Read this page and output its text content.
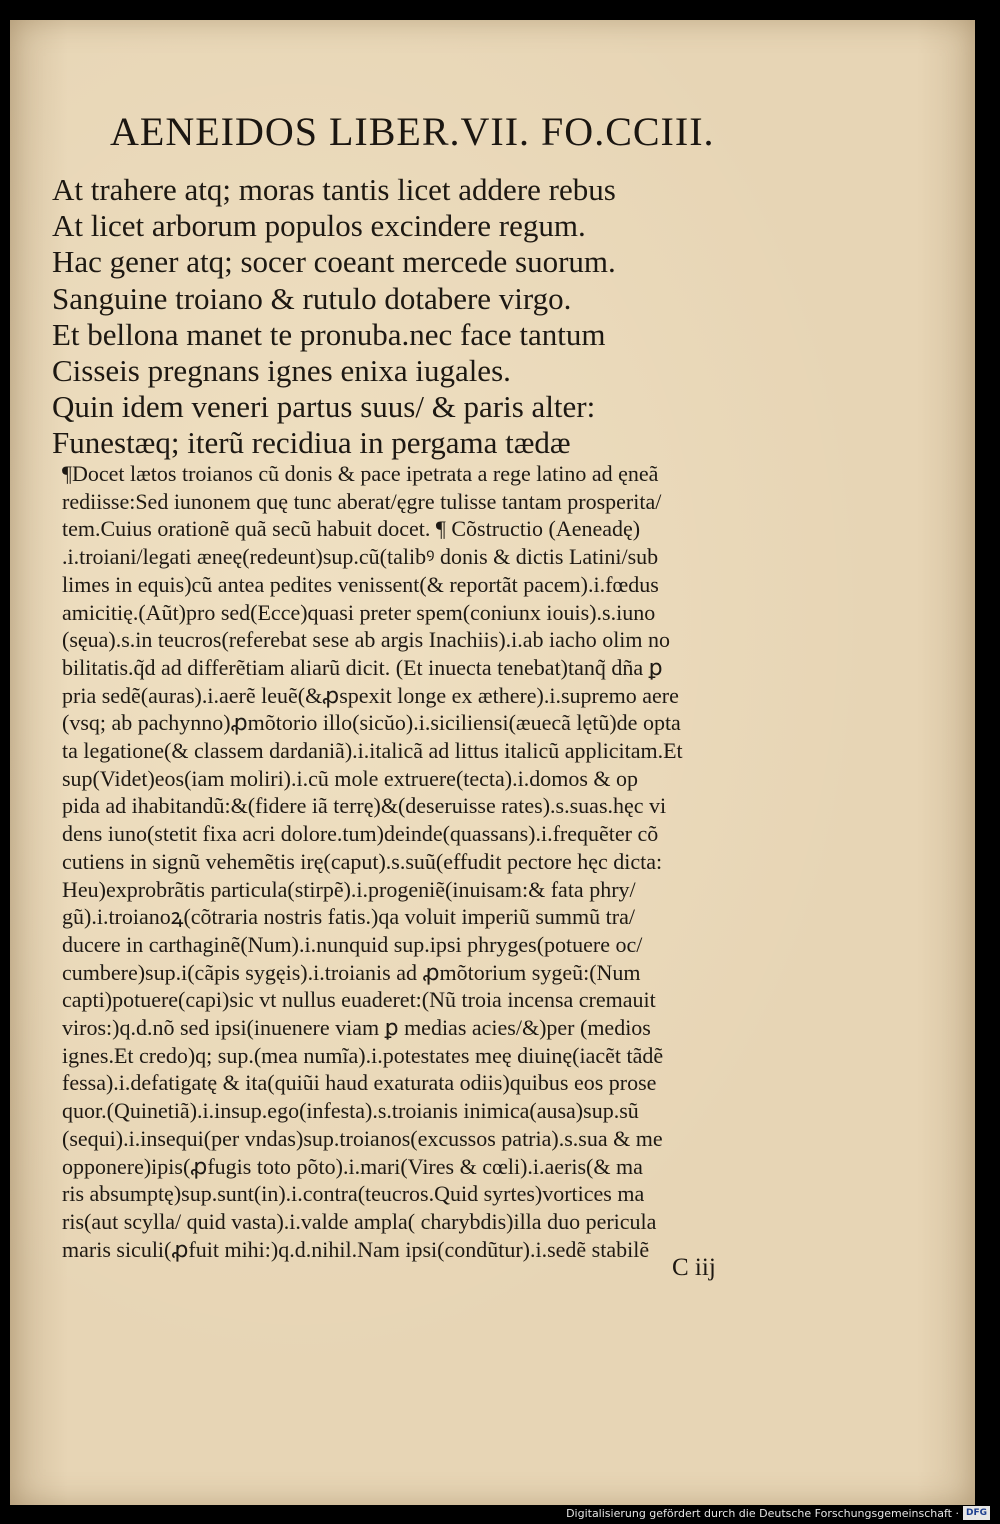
AENEIDOS LIBER.VII. FO.CCIII.
At trahere atq; moras tantis licet addere rebus
At licet arborum populos excindere regum.
Hac gener atq; socer coeant mercede suorum.
Sanguine troiano & rutulo dotabere virgo.
Et bellona manet te pronuba.nec face tantum
Cisseis pregnans ignes enixa iugales.
Quin idem veneri partus suus/ & paris alter:
Funestæq; iterũ recidiua in pergama tædæ
¶Docet lætos troianos cũ donis & pace ipetrata a rege latino ad ęneã
rediisse:Sed iunonem quę tunc aberat/ęgre tulisse tantam prosperita/
tem.Cuius orationẽ quã secũ habuit docet. ¶ Cõstructio (Aeneadę)
.i.troiani/legati æneę(redeunt)sup.cũ(talibꝰ donis & dictis Latini/sub
limes in equis)cũ antea pedites venissent(& reportãt pacem).i.fœdus
amicitię.(Aũt)pro sed(Ecce)quasi preter spem(coniunx iouis).s.iuno
(sęua).s.in teucros(referebat sese ab argis Inachiis).i.ab iacho olim no
bilitatis.q̃d ad differẽtiam aliarũ dicit. (Et inuecta tenebat)tanq̃ dña ꝑ
pria sedẽ(auras).i.aerẽ leuẽ(&ꝓspexit longe ex æthere).i.supremo aere
(vsq; ab pachynno)ꝓmõtorio illo(sicŭo).i.siciliensi(æuecã lętũ)de opta
ta legatione(& classem dardaniã).i.italicã ad littus italicũ applicitam.Et
sup(Videt)eos(iam moliri).i.cũ mole extruere(tecta).i.domos & op
pida ad ihabitandũ:&(fidere iã terrę)&(deseruisse rates).s.suas.hęc vi
dens iuno(stetit fixa acri dolore.tum)deinde(quassans).i.frequẽter cõ
cutiens in signũ vehemẽtis irę(caput).s.suũ(effudit pectore hęc dicta:
Heu)exprobrãtis particula(stirpẽ).i.progeniẽ(inuisam:& fata phry/
gũ).i.troianoꝝ(cõtraria nostris fatis.)qa voluit imperiũ summũ tra/
ducere in carthaginẽ(Num).i.nunquid sup.ipsi phryges(potuere oc/
cumbere)sup.i(cãpis sygęis).i.troianis ad ꝓmõtorium sygeũ:(Num
capti)potuere(capi)sic vt nullus euaderet:(Nũ troia incensa cremauit
viros:)q.d.nõ sed ipsi(inuenere viam ꝑ medias acies/&)per (medios
ignes.Et credo)q; sup.(mea numĩa).i.potestates meę diuinę(iacẽt tãdẽ
fessa).i.defatigatę & ita(quiũi haud exaturata odiis)quibus eos prose
quor.(Quinetiã).i.insup.ego(infesta).s.troianis inimica(ausa)sup.sũ
(sequi).i.insequi(per vndas)sup.troianos(excussos patria).s.sua & me
opponere)ipis(ꝓfugis toto põto).i.mari(Vires & cœli).i.aeris(& ma
ris absumptę)sup.sunt(in).i.contra(teucros.Quid syrtes)vortices ma
ris(aut scylla/ quid vasta).i.valde ampla( charybdis)illa duo pericula
maris siculi(ꝓfuit mihi:)q.d.nihil.Nam ipsi(condũtur).i.sedẽ stabilẽ
C iij
Digitalisierung gefördert durch die Deutsche Forschungsgemeinschaft · DFG
